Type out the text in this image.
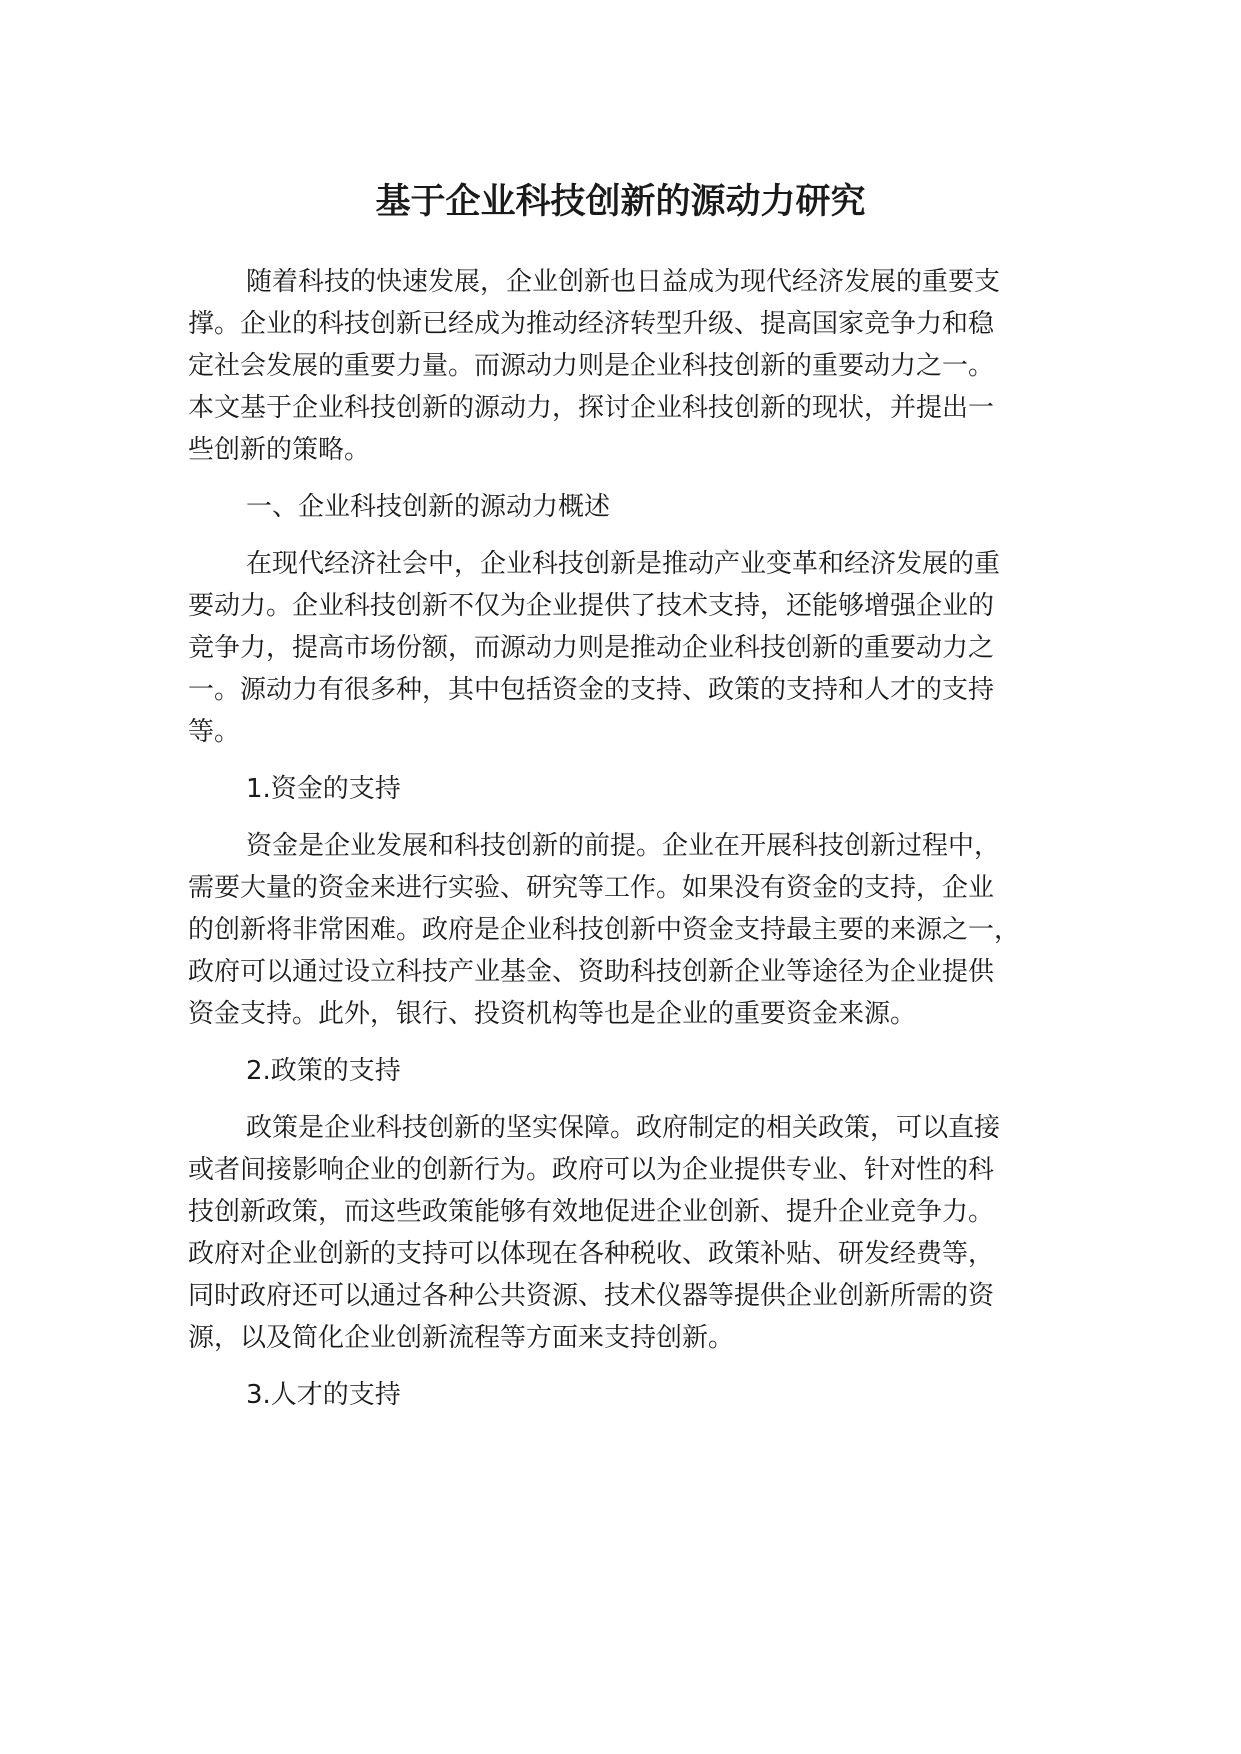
基于企业科技创新的源动力研究

随着科技的快速发展，企业创新也日益成为现代经济发展的重要支

撑。企业的科技创新已经成为推动经济转型升级、提高国家竞争力和稳

定社会发展的重要力量。而源动力则是企业科技创新的重要动力之一。

本文基于企业科技创新的源动力，探讨企业科技创新的现状，并提出一

些创新的策略。

一、企业科技创新的源动力概述

在现代经济社会中，企业科技创新是推动产业变革和经济发展的重

要动力。企业科技创新不仅为企业提供了技术支持，还能够增强企业的

竞争力，提高市场份额，而源动力则是推动企业科技创新的重要动力之

一。源动力有很多种，其中包括资金的支持、政策的支持和人才的支持

等。

1.资金的支持

资金是企业发展和科技创新的前提。企业在开展科技创新过程中，

需要大量的资金来进行实验、研究等工作。如果没有资金的支持，企业

的创新将非常困难。政府是企业科技创新中资金支持最主要的来源之一，

政府可以通过设立科技产业基金、资助科技创新企业等途径为企业提供

资金支持。此外，银行、投资机构等也是企业的重要资金来源。

2.政策的支持

政策是企业科技创新的坚实保障。政府制定的相关政策，可以直接

或者间接影响企业的创新行为。政府可以为企业提供专业、针对性的科

技创新政策，而这些政策能够有效地促进企业创新、提升企业竞争力。

政府对企业创新的支持可以体现在各种税收、政策补贴、研发经费等，

同时政府还可以通过各种公共资源、技术仪器等提供企业创新所需的资

源，以及简化企业创新流程等方面来支持创新。

3.人才的支持
